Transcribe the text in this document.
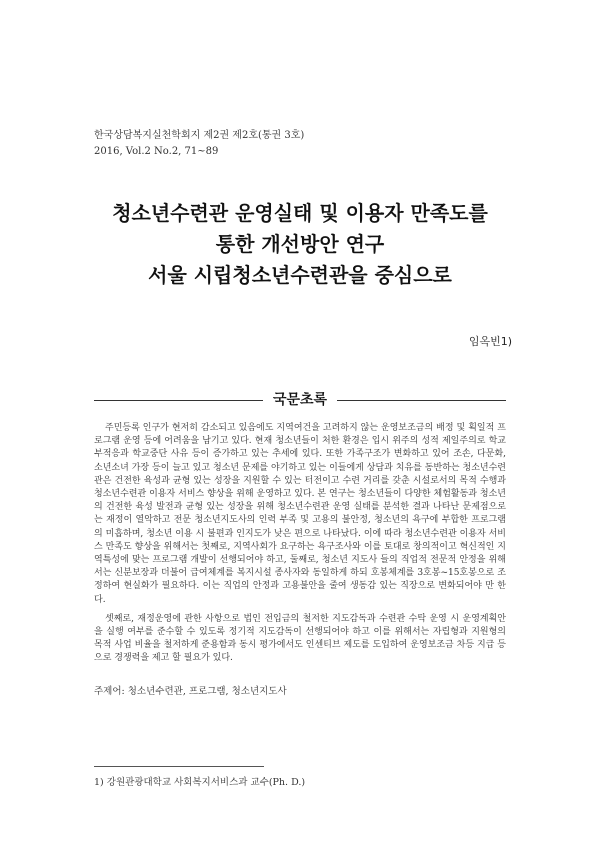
한국상담복지실천학회지 제2권 제2호(통권 3호)
2016, Vol.2 No.2, 71~89
청소년수련관 운영실태 및 이용자 만족도를
통한 개선방안 연구
서울 시립청소년수련관을 중심으로
임옥빈1)
국문초록

주민등록 인구가 현저히 감소되고 있음에도 지역여건을 고려하지 않는 운영보조금의 배정 및 획일적 프로그램 운영 등에 어려움을 남기고 있다. 현재 청소년들이 처한 환경은 입시 위주의 성적 제일주의로 학교 부적응과 학교중단 사유 등이 증가하고 있는 추세에 있다. 또한 가족구조가 변화하고 있어 조손, 다문화, 소년소녀 가장 등이 늘고 있고 청소년 문제를 야기하고 있는 이들에게 상담과 치유를 동반하는 청소년수련관은 건전한 육성과 균형 있는 성장을 지원할 수 있는 터전이고 수련 거리를 갖춘 시설로서의 목적 수행과 청소년수련관 이용자 서비스 향상을 위해 운영하고 있다. 본 연구는 청소년들이 다양한 체험활동과 청소년의 건전한 육성 발전과 균형 있는 성장을 위해 청소년수련관 운영 실태를 분석한 결과 나타난 문제점으로는 재정이 열악하고 전문 청소년지도사의 인력 부족 및 고용의 불안정, 청소년의 욕구에 부합한 프로그램의 미흡하며, 청소년 이용 시 불편과 인지도가 낮은 편으로 나타났다. 이에 따라 청소년수련관 이용자 서비스 만족도 향상을 위해서는 첫째로, 지역사회가 요구하는 욕구조사와 이를 토대로 창의적이고 혁신적인 지역특성에 맞는 프로그램 개발이 선행되어야 하고, 둘째로, 청소년 지도사 들의 직업적 전문적 안정을 위해서는 신분보장과 더불어 급여체계를 복지시설 종사자와 동일하게 하되 호봉체계를 3호봉~15호봉으로 조정하여 현실화가 필요하다. 이는 직업의 안정과 고용불안을 줄여 생동감 있는 직장으로 변화되어야 만 한다.

셋째로, 재정운영에 관한 사항으로 법인 전입금의 철저한 지도감독과 수련관 수탁 운영 시 운영계획안을 실행 여부를 준수할 수 있도록 정기적 지도감독이 선행되어야 하고 이를 위해서는 자립형과 지원형의 목적 사업 비율을 철저하게 준용함과 동시 평가에서도 인센티브 제도를 도입하여 운영보조금 차등 지급 등으로 경쟁력을 제고 할 필요가 있다.

주제어: 청소년수련관, 프로그램, 청소년지도사
1) 강원관광대학교 사회복지서비스과 교수(Ph. D.)
